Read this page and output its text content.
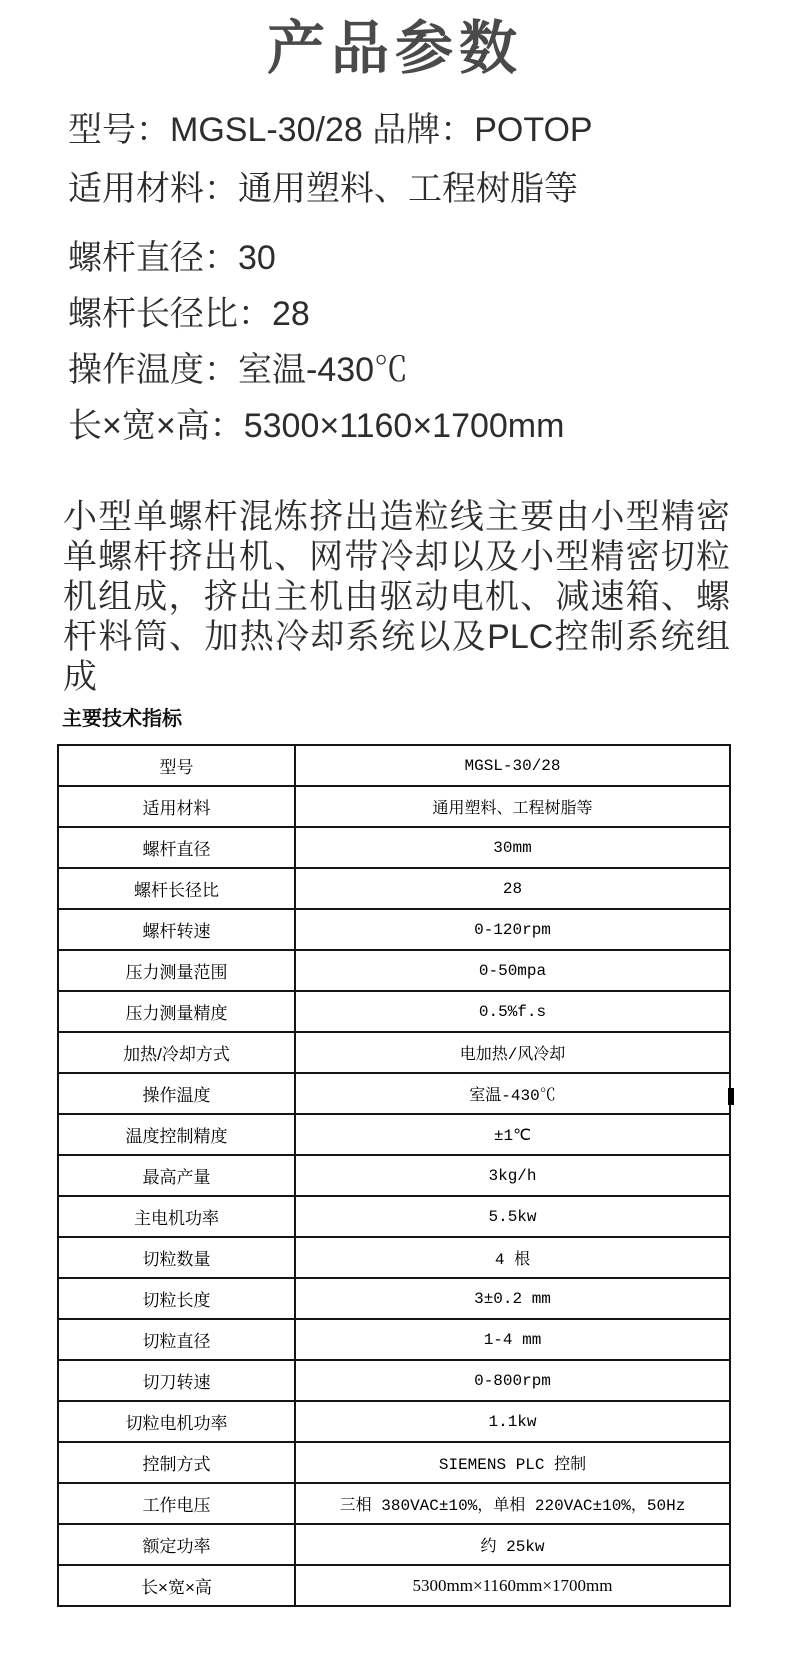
产品参数

型号：MGSL-30/28 品牌：POTOP

适用材料：通用塑料、工程树脂等

螺杆直径：30

螺杆长径比：28

操作温度：室温-430℃

长×宽×高：5300×1160×1700mm

小型单螺杆混炼挤出造粒线主要由小型精密单螺杆挤出机、网带冷却以及小型精密切粒机组成，挤出主机由驱动电机、减速箱、螺杆料筒、加热冷却系统以及PLC控制系统组成

主要技术指标
型号	MGSL-30/28
适用材料	通用塑料、工程树脂等
螺杆直径	30mm
螺杆长径比	28
螺杆转速	0-120rpm
压力测量范围	0-50mpa
压力测量精度	0.5%f.s
加热/冷却方式	电加热/风冷却
操作温度	室温-430℃
温度控制精度	±1℃
最高产量	3kg/h
主电机功率	5.5kw
切粒数量	4 根
切粒长度	3±0.2 mm
切粒直径	1-4 mm
切刀转速	0-800rpm
切粒电机功率	1.1kw
控制方式	SIEMENS PLC 控制
工作电压	三相 380VAC±10%，单相 220VAC±10%，50Hz
额定功率	约 25kw
长×宽×高	5300mm×1160mm×1700mm
